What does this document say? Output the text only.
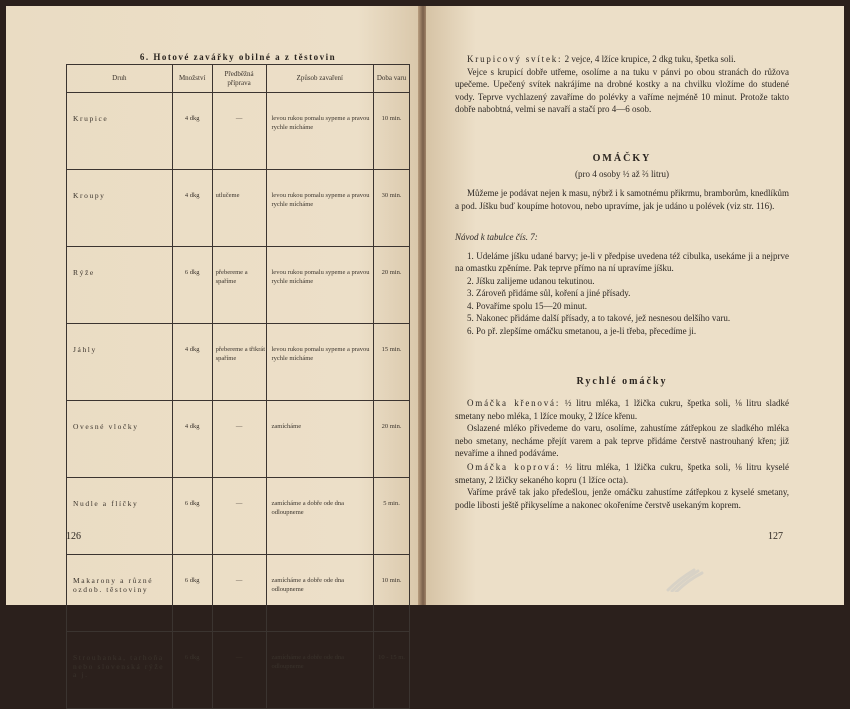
6. Hotové zavářky obilné a z těstovin
Druh	Množství	Předběžná příprava	Způsob zavaření	Doba varu
Krupice	4 dkg	—	levou rukou pomalu sypeme a pravou rychle mícháme	10 min.
Kroupy	4 dkg	utlučeme	levou rukou pomalu sypeme a pravou rychle mícháme	30 min.
Rýže	6 dkg	přebereme a spaříme	levou rukou pomalu sypeme a pravou rychle mícháme	20 min.
Jáhly	4 dkg	přebereme a třikrát spaříme	levou rukou pomalu sypeme a pravou rychle mícháme	15 min.
Ovesné vločky	4 dkg	—	zamícháme	20 min.
Nudle a flíčky	6 dkg	—	zamícháme a dobře ode dna odloupneme	5 min.
Makarony a různé ozdob. těstoviny	6 dkg	—	zamícháme a dobře ode dna odloupneme	10 min.
Strouhanka, tarhoňa nebo slovenská rýže a j.	6 dkg	—	zamícháme a dobře ode dna odloupneme	10 - 15 m.
126

Krupicový svítek: 2 vejce, 4 lžíce krupice, 2 dkg tuku, špetka soli.

Vejce s krupicí dobře utřeme, osolíme a na tuku v pánvi po obou stranách do růžova upečeme. Upečený svítek nakrájíme na drobné kostky a na chvilku vložíme do studené vody. Teprve vychlazený zavaříme do polévky a vaříme nejméně 10 minut. Protože takto dobře nabobtná, velmi se navaří a stačí pro 4—6 osob.

OMÁČKY
(pro 4 osoby ½ až ⅔ litru)

Můžeme je podávat nejen k masu, nýbrž i k samotnému přikrmu, bramborům, knedlíkům a pod. Jíšku buď koupíme hotovou, nebo upravíme, jak je udáno u polévek (viz str. 116).

Návod k tabulce čís. 7:

1. Udeláme jíšku udané barvy; je-li v předpise uvedena též cibulka, usekáme ji a nejprve na omastku zpěníme. Pak teprve přímo na ní upravíme jíšku.

2. Jíšku zalijeme udanou tekutinou.

3. Zároveň přidáme sůl, koření a jiné přísady.

4. Povaříme spolu 15—20 minut.

5. Nakonec přidáme další přísady, a to takové, jež nesnesou delšího varu.

6. Po př. zlepšíme omáčku smetanou, a je-li třeba, přecedíme ji.

Rychlé omáčky

Omáčka křenová: ½ litru mléka, 1 lžička cukru, špetka soli, ⅛ litru sladké smetany nebo mléka, 1 lžíce mouky, 2 lžíce křenu.

Oslazené mléko přivedeme do varu, osolíme, zahustíme zátřepkou ze sladkého mléka nebo smetany, necháme přejít varem a pak teprve přidáme čerstvě nastrouhaný křen; již nevaříme a ihned podáváme.

Omáčka koprová: ½ litru mléka, 1 lžička cukru, špetka soli, ⅛ litru kyselé smetany, 2 lžičky sekaného kopru (1 lžíce octa).

Vaříme právě tak jako předešlou, jenže omáčku zahustíme zátřepkou z kyselé smetany, podle libosti ještě přikyselíme a nakonec okořeníme čerstvě usekaným koprem.

127
